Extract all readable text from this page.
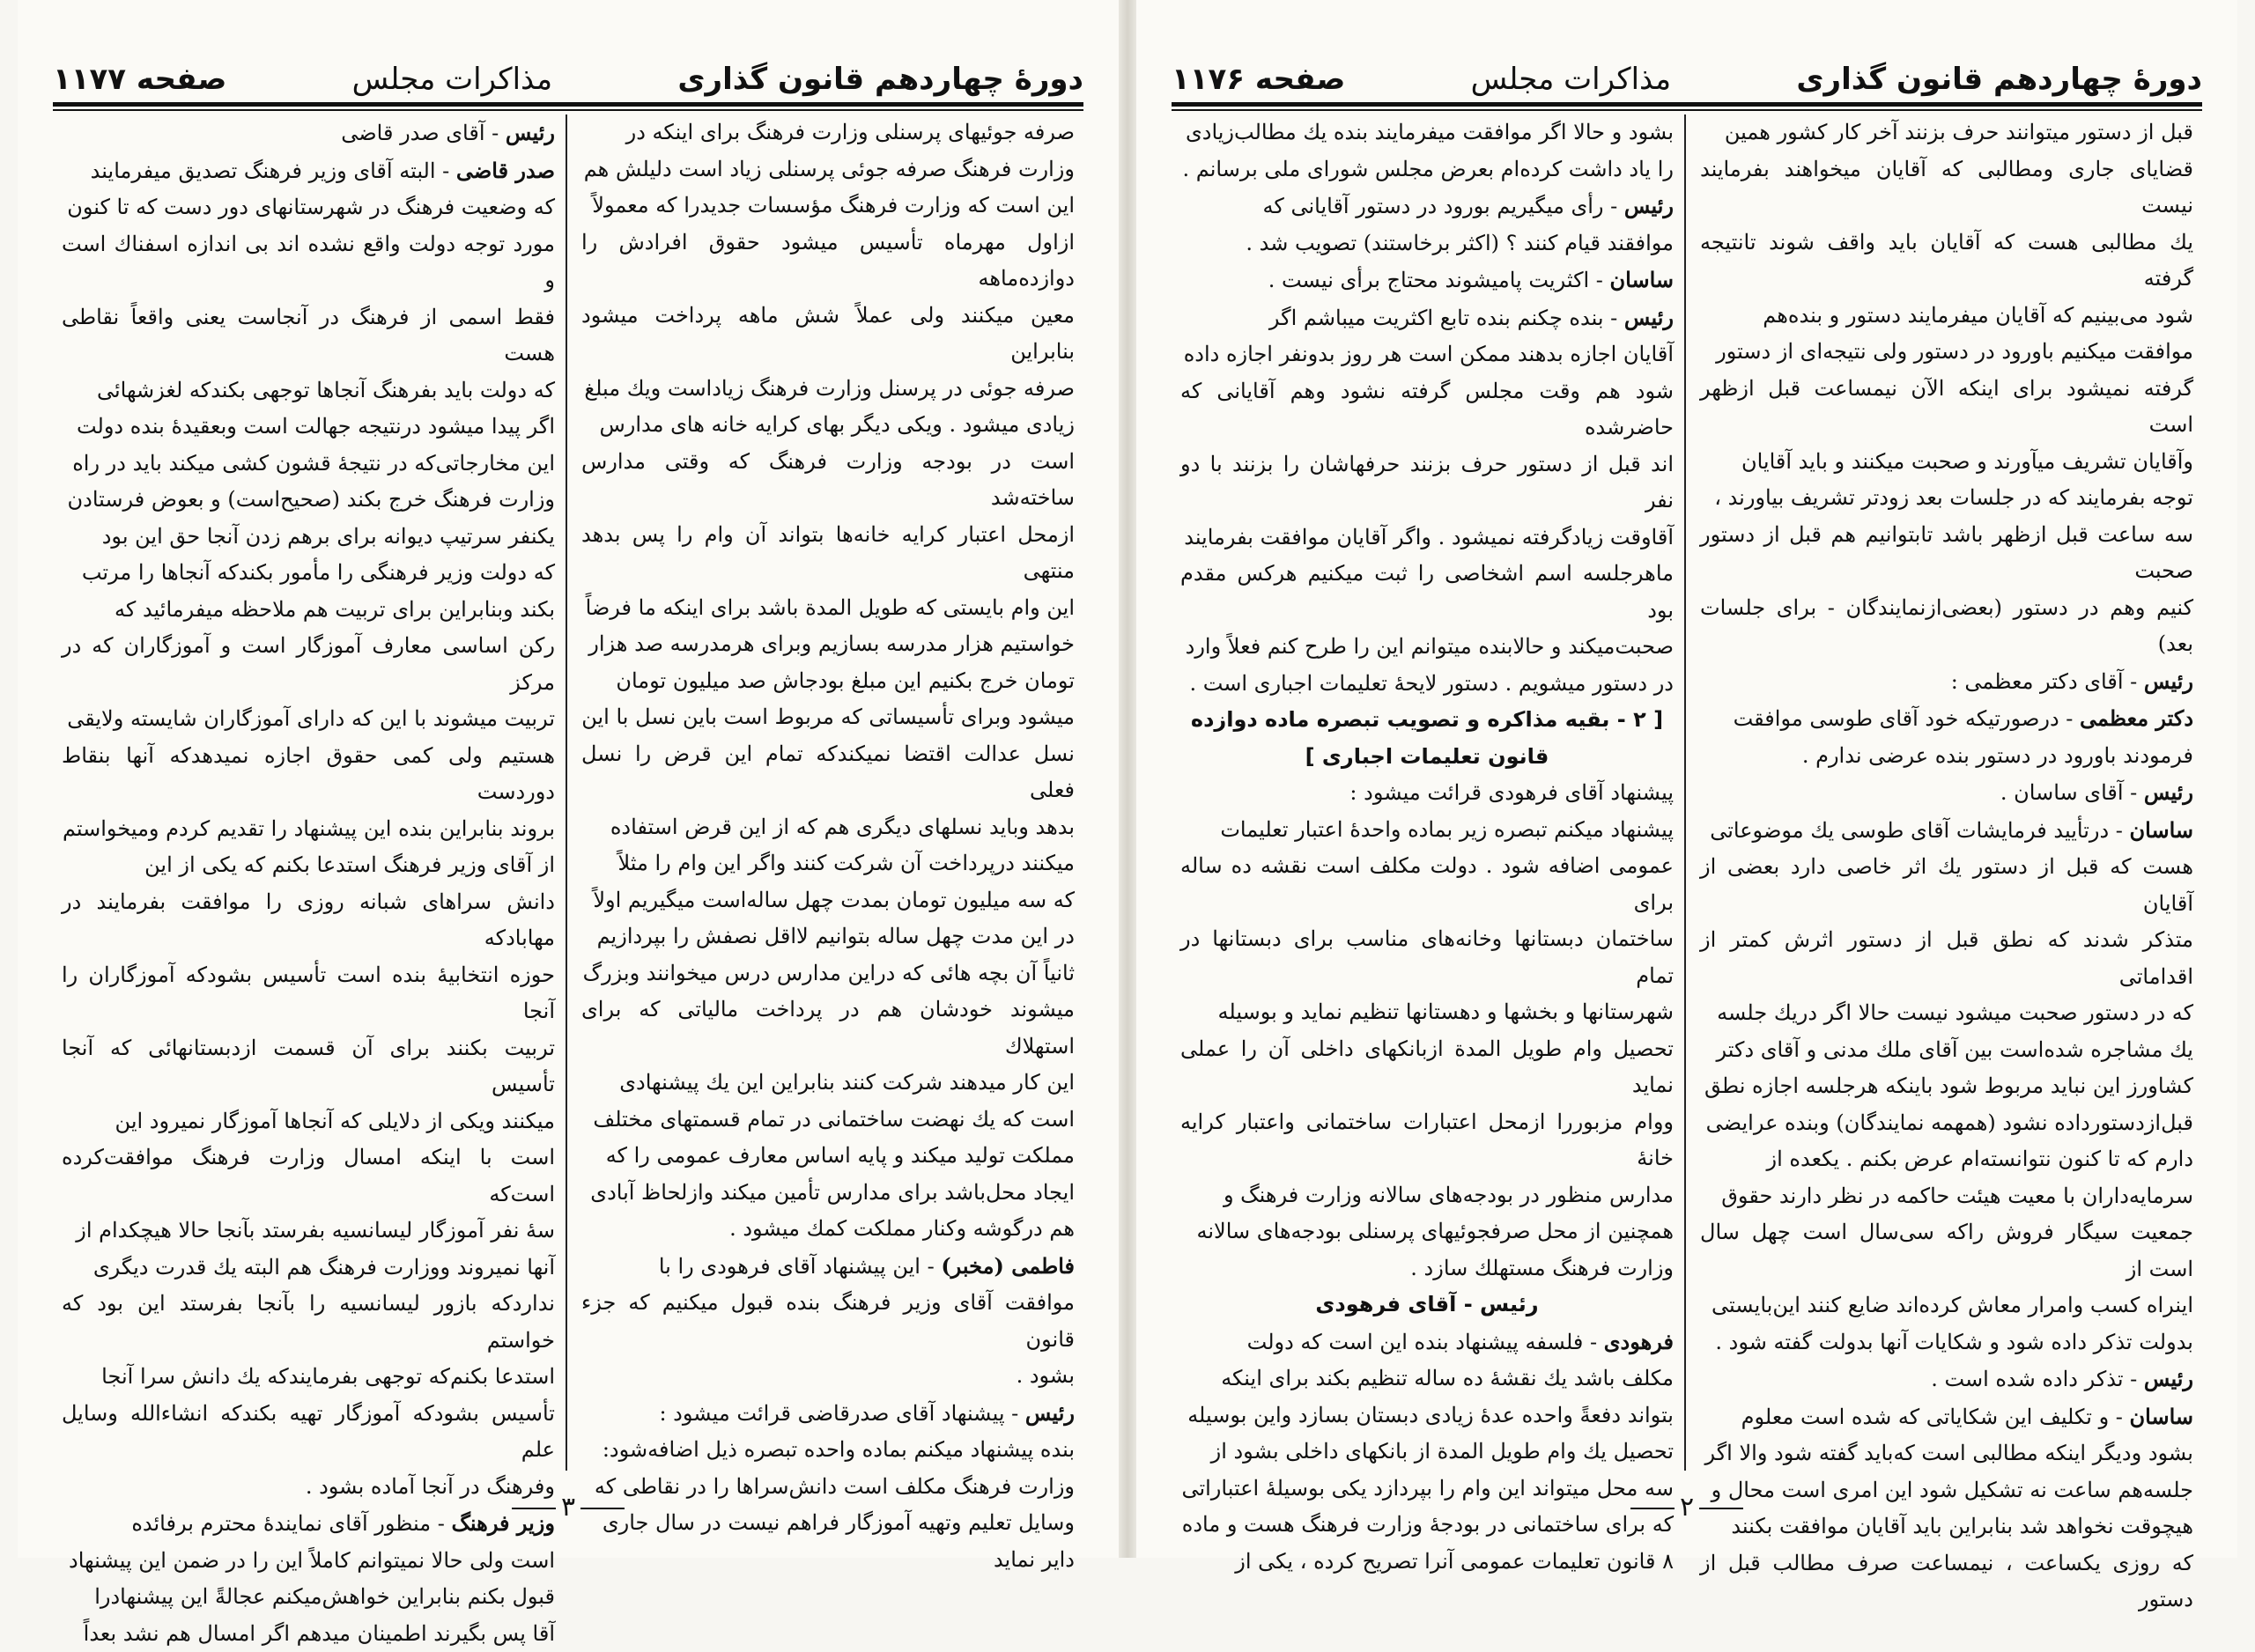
دورهٔ چهاردهم قانون گذاری
مذاکرات مجلس
صفحه ۱۱۷۷

صرفه جوئیهای پرسنلی وزارت فرهنگ برای اینکه در

وزارت فرهنگ صرفه جوئی پرسنلی زیاد است دلیلش هم

این است که وزارت فرهنگ مؤسسات جدیدرا که معمولاً

ازاول مهرماه تأسیس میشود حقوق افرادش را دوازده‌ماهه

معین میکنند ولی عملاً شش ماهه پرداخت میشود بنابراین

صرفه جوئی در پرسنل وزارت فرهنگ زیاداست ویك مبلغ

زیادی میشود . ویکی دیگر بهای کرایه خانه های مدارس

است در بودجه وزارت فرهنگ که وقتی مدارس ساخته‌شد

ازمحل اعتبار کرایه خانه‌ها بتواند آن وام را پس بدهد منتهی

این وام بایستی که طویل المدة باشد برای اینکه ما فرضاً

خواستیم هزار مدرسه بسازیم وبرای هرمدرسه صد هزار

تومان خرج بکنیم این مبلغ بودجاش صد میلیون تومان

میشود وبرای تأسیساتی که مربوط است باین نسل با این

نسل عدالت اقتضا نمیکندکه تمام این قرض را نسل فعلی

بدهد وباید نسلهای دیگری هم که از این قرض استفاده

میکنند درپرداخت آن شرکت کنند واگر این وام را مثلاً

که سه میلیون تومان بمدت چهل ساله‌است میگیریم اولاً

در این مدت چهل ساله بتوانیم لااقل نصفش را بپردازیم

ثانیاً آن بچه هائی که دراین مدارس درس میخوانند وبزرگ

میشوند خودشان هم در پرداخت مالیاتی که برای استهلاك

این کار میدهند شرکت کنند بنابراین این یك پیشنهادی

است که یك نهضت ساختمانی در تمام قسمتهای مختلف

مملکت تولید میکند و پایه اساس معارف عمومی را که

ایجاد محل‌باشد برای مدارس تأمین میکند وازلحاظ آبادی

هم درگوشه وکنار مملکت کمك میشود .

فاطمی (مخبر) - این پیشنهاد آقای فرهودی را با

موافقت آقای وزیر فرهنگ بنده قبول میکنیم که جزء قانون

بشود .

رئیس - پیشنهاد آقای صدرقاضی قرائت میشود :

بنده پیشنهاد میکنم بماده واحده تبصره ذیل اضافه‌شود:

وزارت فرهنگ مکلف است دانش‌سراها را در نقاطی که

وسایل تعلیم وتهیه آموزگار فراهم نیست در سال جاری

دایر نماید

رئیس - آقای صدر قاضی

صدر قاضی - البته آقای وزیر فرهنگ تصدیق میفرمایند

که وضعیت فرهنگ در شهرستانهای دور دست که تا کنون

مورد توجه دولت واقع نشده اند بی اندازه اسفناك است و

فقط اسمی از فرهنگ در آنجاست یعنی واقعاً نقاطی هست

که دولت باید بفرهنگ آنجاها توجهی بکندکه لغزشهائی

اگر پیدا میشود درنتیجه جهالت است وبعقیدهٔ بنده دولت

این مخارجاتی‌که در نتیجهٔ قشون کشی میکند باید در راه

وزارت فرهنگ خرج بکند (صحیح‌است) و بعوض فرستادن

یکنفر سرتیپ دیوانه برای برهم زدن آنجا حق این بود

که دولت وزیر فرهنگی را مأمور بکند‌که آنجاها را مرتب

بکند وبنابراین برای تربیت هم ملاحظه میفرمائید که

رکن اساسی معارف آموزگار است و آموزگاران که در مرکز

تربیت میشوند با این که دارای آموزگاران شایسته ولایقی

هستیم ولی کمی حقوق اجازه نمیدهدکه آنها بنقاط دوردست

بروند بنابراین بنده این پیشنهاد را تقدیم کردم ومیخواستم

از آقای وزیر فرهنگ استدعا بکنم که یکی از این

دانش سراهای شبانه روزی را موافقت بفرمایند در مهاباد‌که

حوزه انتخابیهٔ بنده است تأسیس بشود‌که آموزگاران را آنجا

تربیت بکنند برای آن قسمت ازدبستانهائی که آنجا تأسیس

میکنند ویکی از دلایلی که آنجاها آموزگار نمیرود این

است با اینکه امسال وزارت فرهنگ موافقت‌کرده است‌که

سهٔ نفر آموزگار لیسانسیه بفرستد بآنجا حالا هیچکدام از

آنها نمیروند ووزارت فرهنگ هم البته یك قدرت دیگری

ندارد‌که بازور لیسانسیه را بآنجا بفرستد این بود که خواستم

استدعا بکنم‌که توجهی بفرمایند‌که یك دانش سرا آنجا

تأسیس بشود‌که آموزگار تهیه بکند‌که انشاءالله وسایل علم

وفرهنگ در آنجا آماده بشود .

وزیر فرهنگ - منظور آقای نمایندهٔ محترم برفائده

است ولی حالا نمیتوانم کاملاً این را در ضمن این پیشنهاد

قبول بکنم بنابراین خواهش‌میکنم عجالةً این پیشنهادرا

آقا پس بگیرند اطمینان میدهم اگر امسال هم نشد بعداً

۳
دورهٔ چهاردهم قانون گذاری
مذاکرات مجلس
صفحه ۱۱۷۶

قبل از دستور میتوانند حرف بزنند آخر کار کشور همین

قضایای جاری ومطالبی که آقایان میخواهند بفرمایند نیست

یك مطالبی هست که آقایان باید واقف شوند تانتیجه گرفته

شود می‌بینیم که آقایان میفرمایند دستور و بنده‌هم

موافقت میکنیم باورود در دستور ولی نتیجه‌ای از دستور

گرفته نمیشود برای اینکه الآن نیمساعت قبل ازظهر است

وآقایان تشریف میآورند و صحبت میکنند و باید آقایان

توجه بفرمایند که در جلسات بعد زودتر تشریف بیاورند ،

سه ساعت قبل ازظهر باشد تابتوانیم هم قبل از دستور صحبت

کنیم وهم در دستور (بعضی‌ازنمایندگان - برای جلسات بعد)

رئیس - آقای دکتر معظمی :

دکتر معظمی - درصورتیکه خود آقای طوسی موافقت

فرمودند باورود در دستور بنده عرضی ندارم .

رئیس - آقای ساسان .

ساسان - درتأیید فرمایشات آقای طوسی یك موضوعاتی

هست که قبل از دستور یك اثر خاصی دارد بعضی از آقایان

متذکر شدند که نطق قبل از دستور اثرش کمتر از اقداماتی

که در دستور صحبت میشود نیست حالا اگر دریك جلسه

یك مشاجره شده‌است بین آقای ملك مدنی و آقای دکتر

کشاورز این نباید مربوط شود باینکه هرجلسه اجازه نطق

قبل‌ازدستورداده نشود (همهمه نمایندگان) وبنده عرایضی

دارم که تا کنون نتوانسته‌ام عرض بکنم . یکعده از

سرمایه‌داران با معیت هیئت حاکمه در نظر دارند حقوق

جمعیت سیگار فروش راکه سی‌سال است چهل سال است از

اینراه کسب وامرار معاش کرده‌اند ضایع کنند این‌بایستی

بدولت تذکر داده شود و شکایات آنها بدولت گفته شود .

رئیس - تذکر داده شده است .

ساسان - و تکلیف این شکایاتی که شده است معلوم

بشود ودیگر اینکه مطالبی است که‌باید گفته شود والا اگر

جلسه‌هم ساعت نه تشکیل شود این امری است محال و

هیچوقت نخواهد شد بنابراین باید آقایان موافقت بکنند

که روزی یکساعت ، نیمساعت صرف مطالب قبل از دستور

بشود و حالا اگر موافقت میفرمایند بنده یك مطالب‌زیادی

را یاد داشت کرده‌ام بعرض مجلس شورای ملی برسانم .

رئیس - رأی میگیریم بورود در دستور آقایانی که

موافقند قیام کنند ؟ (اکثر برخاستند) تصویب شد .

ساسان - اکثریت پامیشوند محتاج برأی نیست .

رئیس - بنده چکنم بنده تابع اکثریت میباشم اگر

آقایان اجازه بدهند ممکن است هر روز بدونفر اجازه داده

شود هم وقت مجلس گرفته نشود وهم آقایانی که حاضرشده

اند قبل از دستور حرف بزنند حرفهاشان را بزنند با دو نفر

آقاوقت زیادگرفته نمیشود . واگر آقایان موافقت بفرمایند

ماهرجلسه اسم اشخاصی را ثبت میکنیم هرکس مقدم بود

صحبت‌میکند و حالابنده میتوانم این را طرح کنم فعلاً وارد

در دستور میشویم . دستور لایحهٔ تعلیمات اجباری است .

[ ۲ - بقیه مذاکره و تصویب تبصره ماده دوازده

قانون تعلیمات اجباری ]

پیشنهاد آقای فرهودی قرائت میشود :

پیشنهاد میکنم تبصره زیر بماده واحدهٔ اعتبار تعلیمات

عمومی اضافه شود . دولت مکلف است نقشه ده ساله برای

ساختمان دبستانها وخانه‌های مناسب برای دبستانها در تمام

شهرستانها و بخشها و دهستانها تنظیم نماید و بوسیله

تحصیل وام طویل المدة ازبانکهای داخلی آن را عملی نماید

ووام مزبوررا ازمحل اعتبارات ساختمانی واعتبار کرایه خانهٔ

مدارس منظور در بودجه‌های سالانه وزارت فرهنگ و

همچنین از محل صرفجوئیهای پرسنلی بودجه‌های سالانه

وزارت فرهنگ مستهلك سازد .

رئیس - آقای فرهودی

فرهودی - فلسفه پیشنهاد بنده این است که دولت

مکلف باشد یك نقشهٔ ده ساله تنظیم بکند برای اینکه

بتواند دفعةً واحده عدهٔ زیادی دبستان بسازد واین بوسیله

تحصیل یك وام طویل المدة از بانکهای داخلی بشود از

سه محل میتواند این وام را بپردازد یکی بوسیلهٔ اعتباراتی

که برای ساختمانی در بودجهٔ وزارت فرهنگ هست و ماده

۸ قانون تعلیمات عمومی آنرا تصریح کرده ، یکی از

۲
